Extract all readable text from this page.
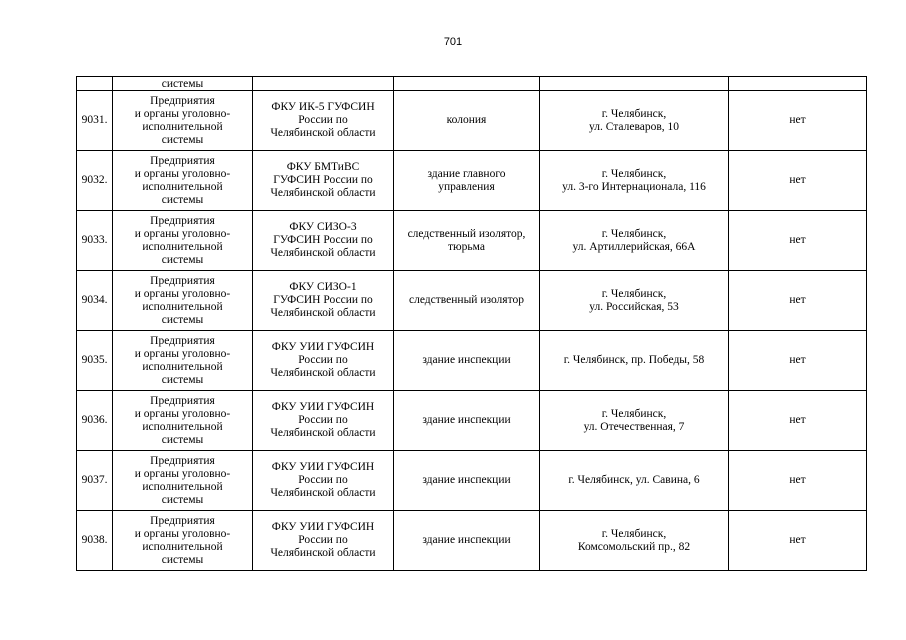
701
	системы				
9031.	Предприятия
и органы уголовно-
исполнительной
системы	ФКУ ИК-5 ГУФСИН
России по
Челябинской области	колония	г. Челябинск,
ул. Сталеваров, 10	нет
9032.	Предприятия
и органы уголовно-
исполнительной
системы	ФКУ БМТиВС
ГУФСИН России по
Челябинской области	здание главного
управления	г. Челябинск,
ул. 3-го Интернационала, 116	нет
9033.	Предприятия
и органы уголовно-
исполнительной
системы	ФКУ СИЗО-3
ГУФСИН России по
Челябинской области	следственный изолятор,
тюрьма	г. Челябинск,
ул. Артиллерийская, 66А	нет
9034.	Предприятия
и органы уголовно-
исполнительной
системы	ФКУ СИЗО-1
ГУФСИН России по
Челябинской области	следственный изолятор	г. Челябинск,
ул. Российская, 53	нет
9035.	Предприятия
и органы уголовно-
исполнительной
системы	ФКУ УИИ ГУФСИН
России по
Челябинской области	здание инспекции	г. Челябинск, пр. Победы, 58	нет
9036.	Предприятия
и органы уголовно-
исполнительной
системы	ФКУ УИИ ГУФСИН
России по
Челябинской области	здание инспекции	г. Челябинск,
ул. Отечественная, 7	нет
9037.	Предприятия
и органы уголовно-
исполнительной
системы	ФКУ УИИ ГУФСИН
России по
Челябинской области	здание инспекции	г. Челябинск, ул. Савина, 6	нет
9038.	Предприятия
и органы уголовно-
исполнительной
системы	ФКУ УИИ ГУФСИН
России по
Челябинской области	здание инспекции	г. Челябинск,
Комсомольский пр., 82	нет
